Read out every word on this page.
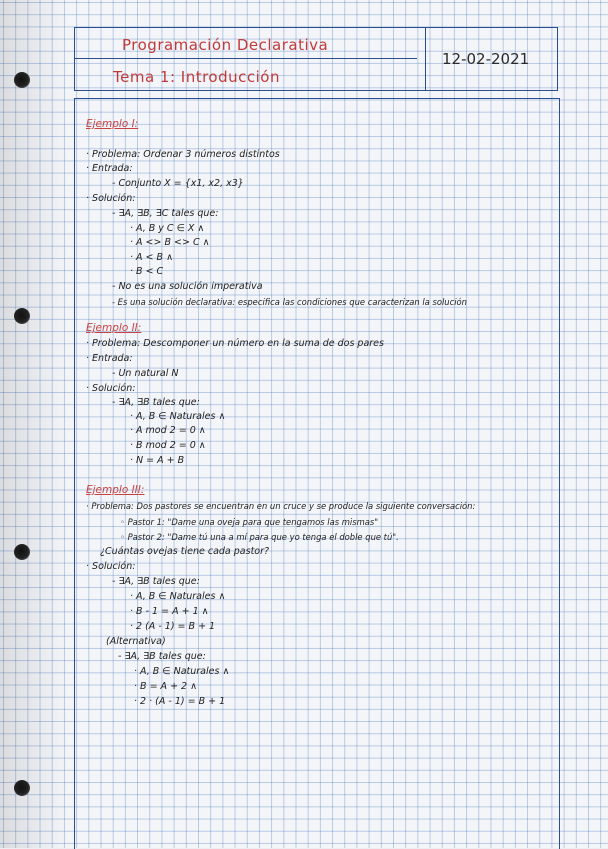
Programación Declarativa
Tema 1: Introducción
12-02-2021
Ejemplo I:
· Problema: Ordenar 3 números distintos
· Entrada:
- Conjunto X = {x1, x2, x3}
· Solución:
- ∃A, ∃B, ∃C tales que:
· A, B y C ∈ X ∧
· A <> B <> C ∧
· A < B ∧
· B < C
- No es una solución imperativa
- Es una solución declarativa: especifica las condiciones que caracterizan la solución
Ejemplo II:
· Problema: Descomponer un número en la suma de dos pares
· Entrada:
- Un natural N
· Solución:
- ∃A, ∃B tales que:
· A, B ∈ Naturales ∧
· A mod 2 = 0 ∧
· B mod 2 = 0 ∧
· N = A + B
Ejemplo III:
· Problema: Dos pastores se encuentran en un cruce y se produce la siguiente conversación:
◦ Pastor 1: "Dame una oveja para que tengamos las mismas"
◦ Pastor 2: "Dame tú una a mí para que yo tenga el doble que tú".
¿Cuántas ovejas tiene cada pastor?
· Solución:
- ∃A, ∃B tales que:
· A, B ∈ Naturales ∧
· B - 1 = A + 1 ∧
· 2 (A - 1) = B + 1
(Alternativa)
- ∃A, ∃B tales que:
· A, B ∈ Naturales ∧
· B = A + 2 ∧
· 2 · (A - 1) = B + 1
